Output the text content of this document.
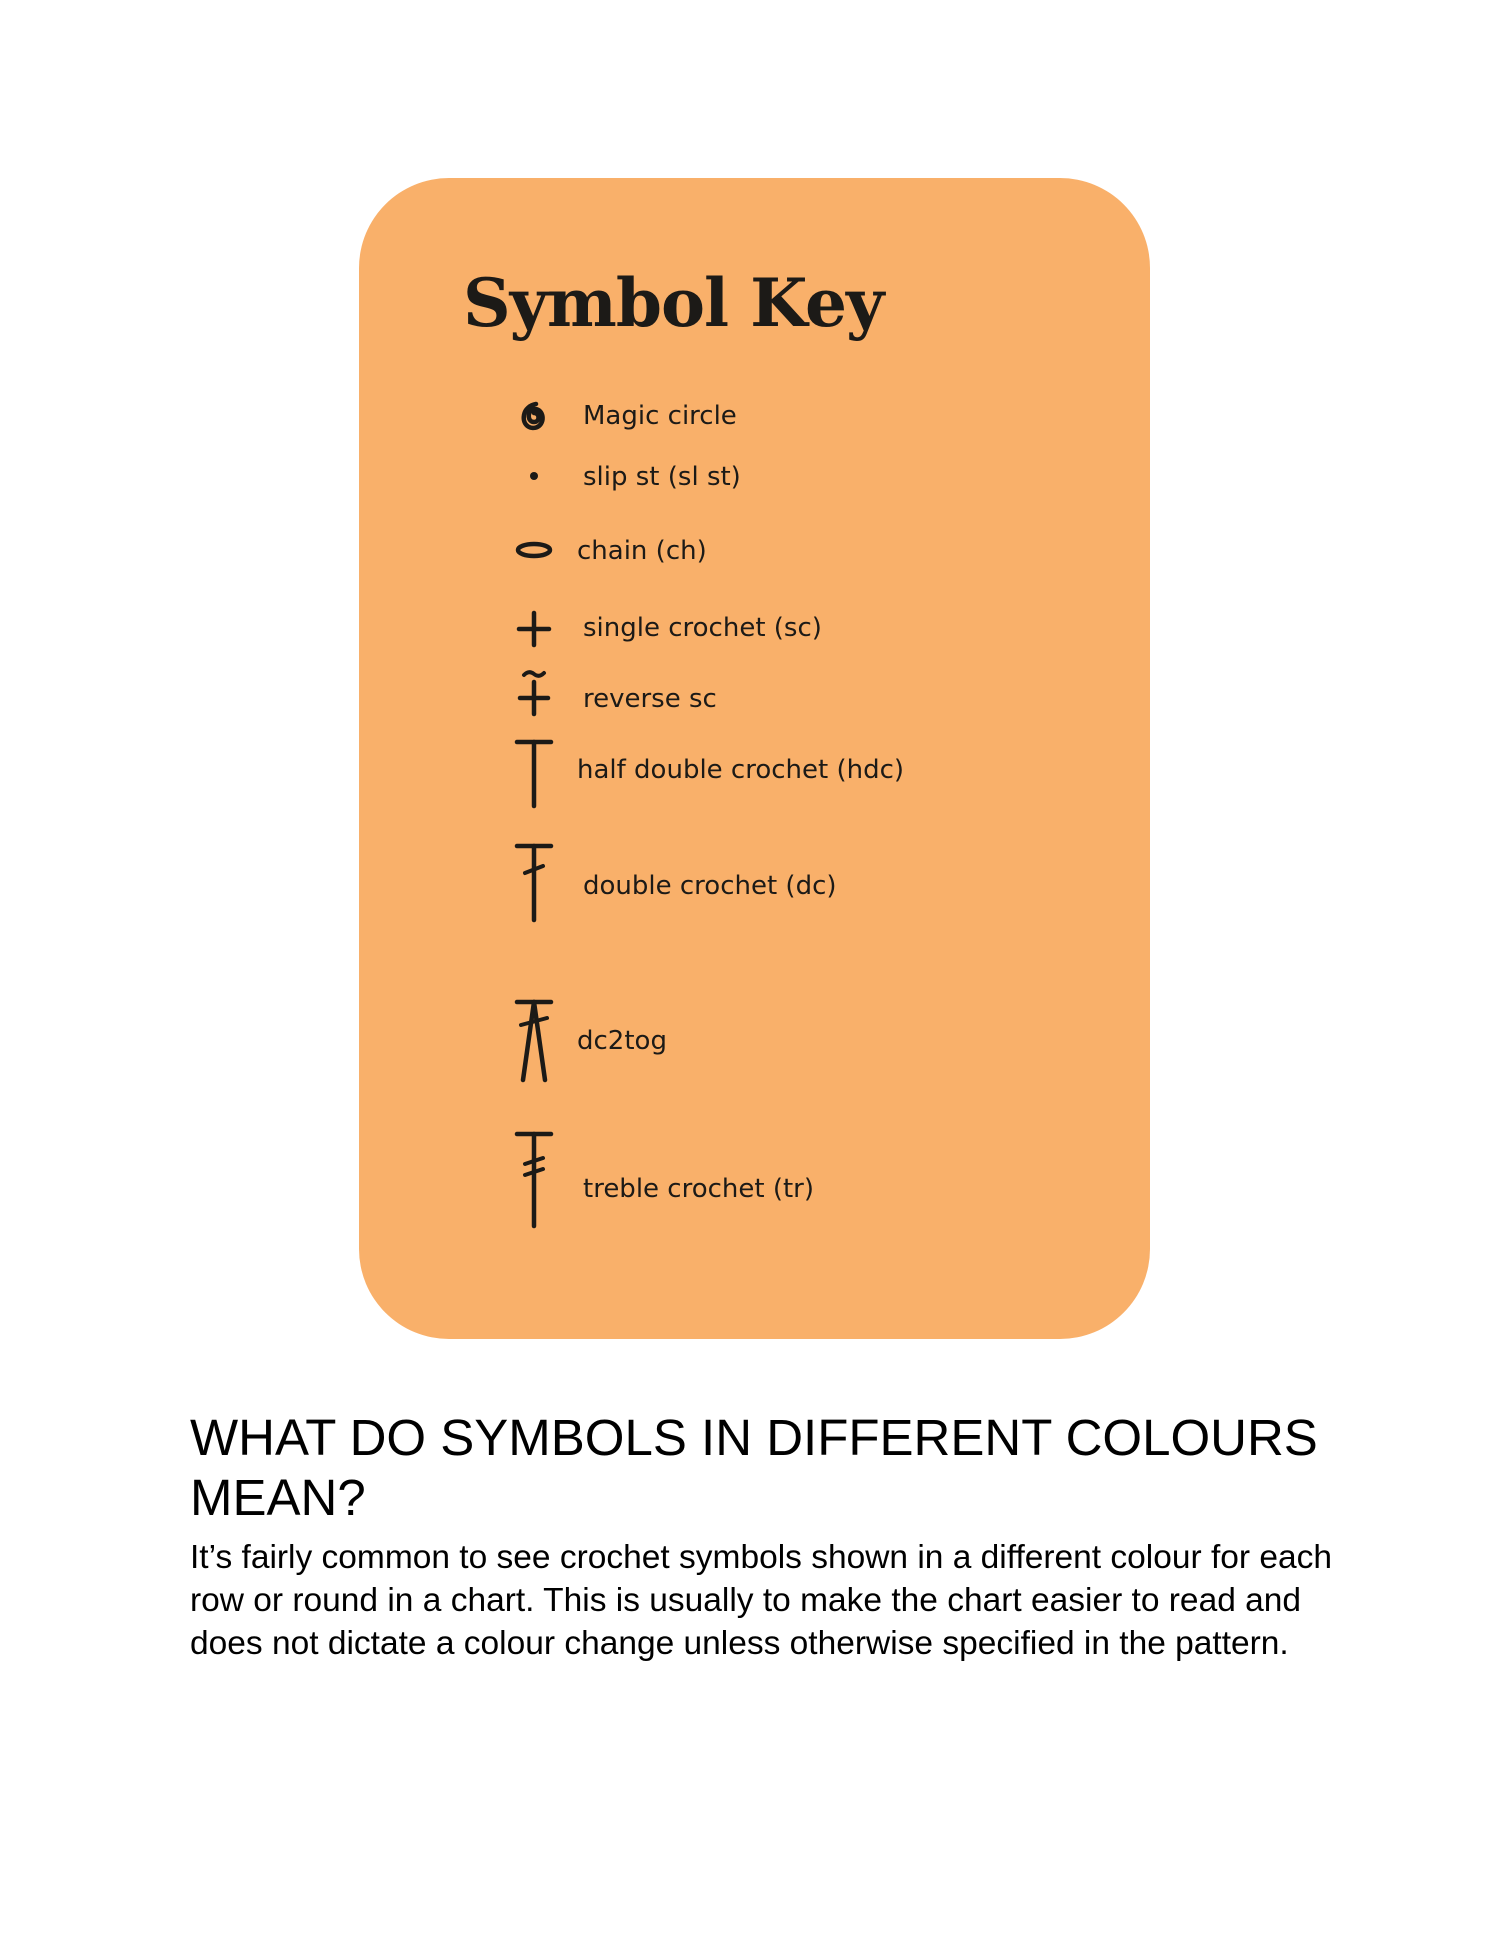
Symbol Key
Magic circle
slip st (sl st)
chain (ch)
single crochet (sc)
reverse sc
half double crochet (hdc)
double crochet (dc)
dc2tog
treble crochet (tr)
WHAT DO SYMBOLS IN DIFFERENT COLOURS MEAN?

It’s fairly common to see crochet symbols shown in a different colour for each row or round in a chart. This is usually to make the chart easier to read and does not dictate a colour change unless otherwise specified in the pattern.
